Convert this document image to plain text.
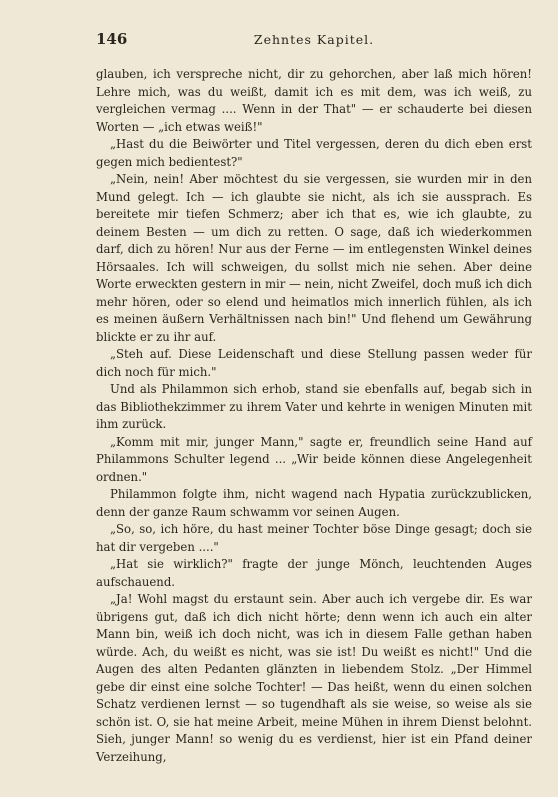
146	Zehntes Kapitel.

glauben, ich verspreche nicht, dir zu gehorchen, aber laß mich hören! Lehre mich, was du weißt, damit ich es mit dem, was ich weiß, zu vergleichen vermag .... Wenn in der That" — er schauderte bei diesen Worten — „ich etwas weiß!"

„Hast du die Beiwörter und Titel vergessen, deren du dich eben erst gegen mich bedientest?"

„Nein, nein! Aber möchtest du sie vergessen, sie wurden mir in den Mund gelegt. Ich — ich glaubte sie nicht, als ich sie aussprach. Es bereitete mir tiefen Schmerz; aber ich that es, wie ich glaubte, zu deinem Besten — um dich zu retten. O sage, daß ich wiederkommen darf, dich zu hören! Nur aus der Ferne — im entlegensten Winkel deines Hörsaales. Ich will schweigen, du sollst mich nie sehen. Aber deine Worte erweckten gestern in mir — nein, nicht Zweifel, doch muß ich dich mehr hören, oder so elend und heimatlos mich innerlich fühlen, als ich es meinen äußern Verhältnissen nach bin!" Und flehend um Gewährung blickte er zu ihr auf.

„Steh auf. Diese Leidenschaft und diese Stellung passen weder für dich noch für mich."

Und als Philammon sich erhob, stand sie ebenfalls auf, begab sich in das Bibliothekzimmer zu ihrem Vater und kehrte in wenigen Minuten mit ihm zurück.

„Komm mit mir, junger Mann," sagte er, freundlich seine Hand auf Philammons Schulter legend ... „Wir beide können diese Angelegenheit ordnen."

Philammon folgte ihm, nicht wagend nach Hypatia zurückzublicken, denn der ganze Raum schwamm vor seinen Augen.

„So, so, ich höre, du hast meiner Tochter böse Dinge gesagt; doch sie hat dir vergeben ...."

„Hat sie wirklich?" fragte der junge Mönch, leuchtenden Auges aufschauend.

„Ja! Wohl magst du erstaunt sein. Aber auch ich vergebe dir. Es war übrigens gut, daß ich dich nicht hörte; denn wenn ich auch ein alter Mann bin, weiß ich doch nicht, was ich in diesem Falle gethan haben würde. Ach, du weißt es nicht, was sie ist! Du weißt es nicht!" Und die Augen des alten Pedanten glänzten in liebendem Stolz. „Der Himmel gebe dir einst eine solche Tochter! — Das heißt, wenn du einen solchen Schatz verdienen lernst — so tugendhaft als sie weise, so weise als sie schön ist. O, sie hat meine Arbeit, meine Mühen in ihrem Dienst belohnt. Sieh, junger Mann! so wenig du es verdienst, hier ist ein Pfand deiner Verzeihung,
